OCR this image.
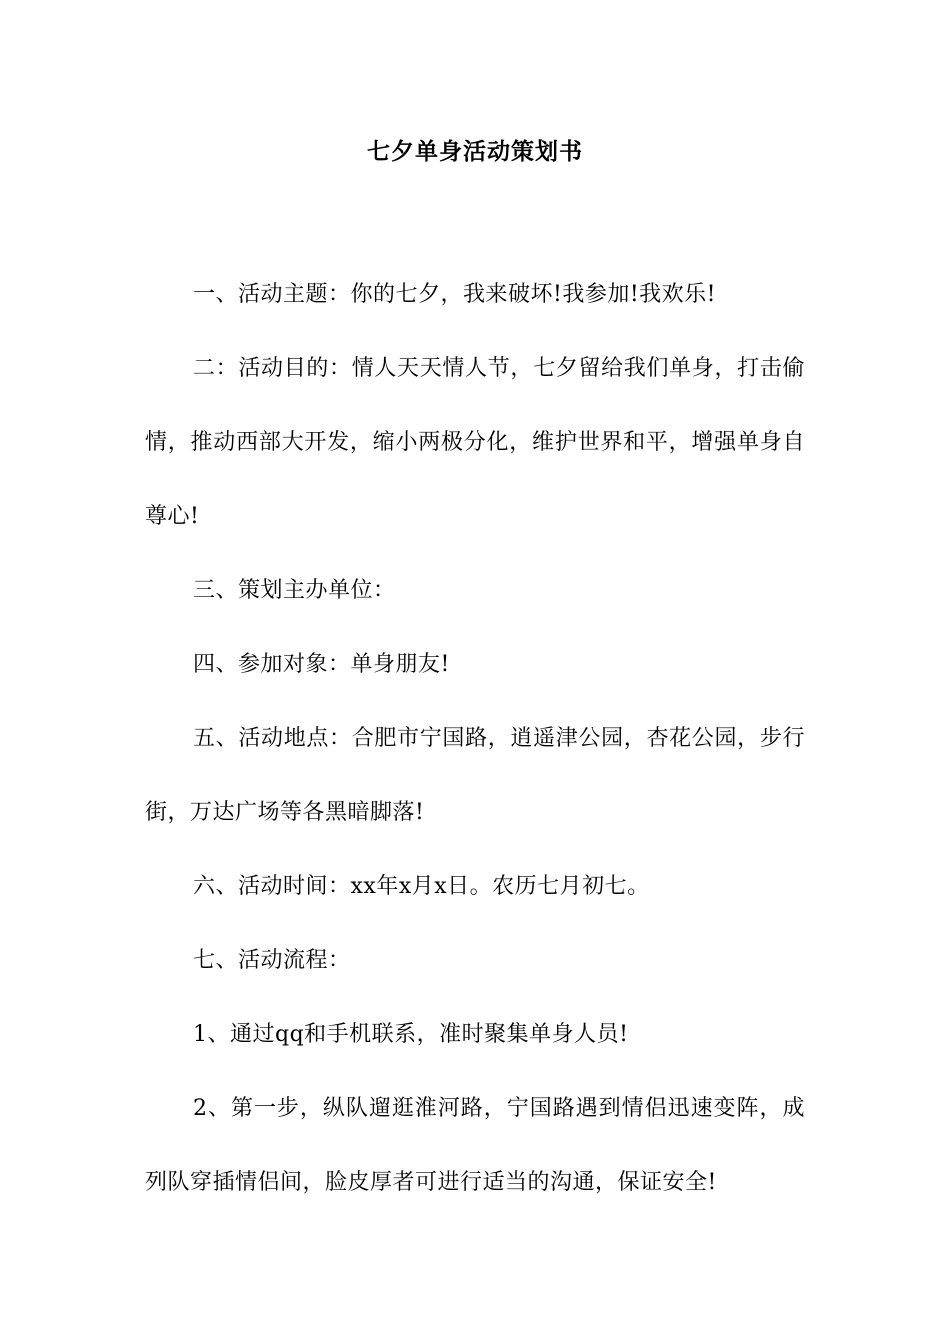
七夕单身活动策划书

一、活动主题：你的七夕，我来破坏!我参加!我欢乐!

二：活动目的：情人天天情人节，七夕留给我们单身，打击偷情，推动西部大开发，缩小两极分化，维护世界和平，增强单身自尊心!

三、策划主办单位：

四、参加对象：单身朋友!

五、活动地点：合肥市宁国路，逍遥津公园，杏花公园，步行街，万达广场等各黑暗脚落!

六、活动时间：xx年x月x日。农历七月初七。

七、活动流程：

1、通过qq和手机联系，准时聚集单身人员!

2、第一步，纵队遛逛淮河路，宁国路遇到情侣迅速变阵，成列队穿插情侣间，脸皮厚者可进行适当的沟通，保证安全!
